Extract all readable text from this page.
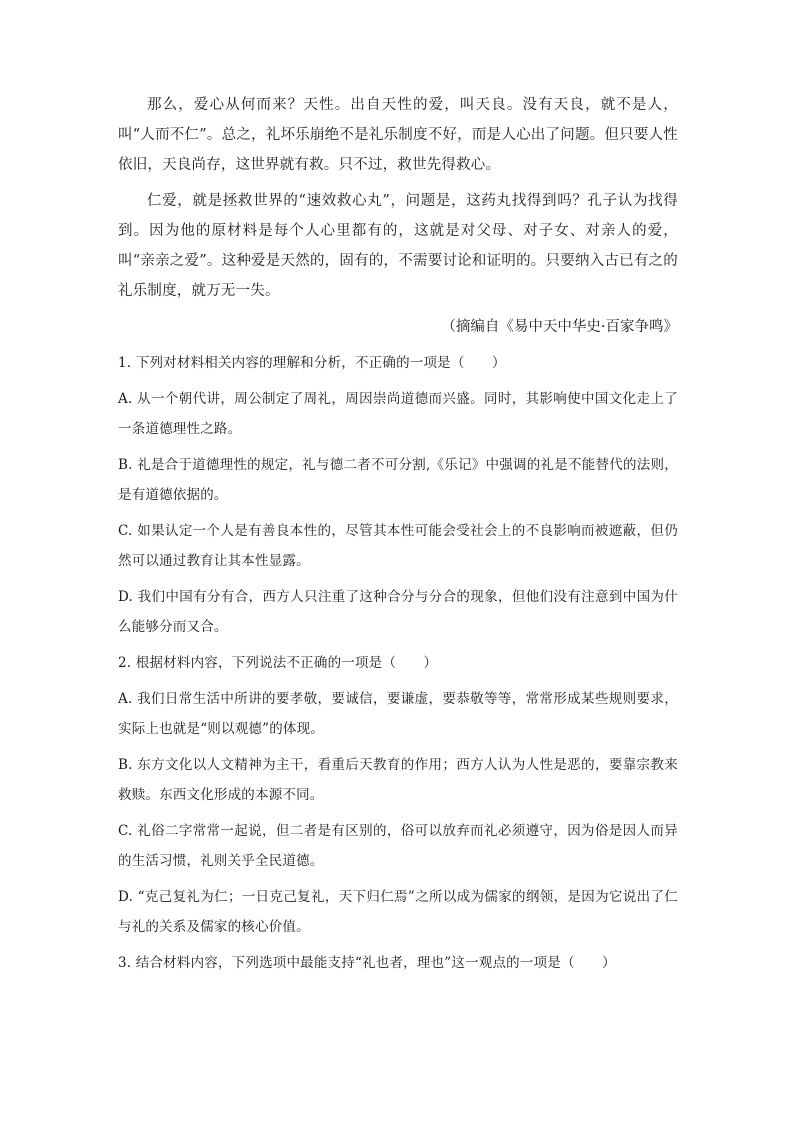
那么，爱心从何而来？天性。出自天性的爱，叫天良。没有天良，就不是人，叫“人而不仁”。总之，礼坏乐崩绝不是礼乐制度不好，而是人心出了问题。但只要人性依旧，天良尚存，这世界就有救。只不过，救世先得救心。

仁爱，就是拯救世界的“速效救心丸”，问题是，这药丸找得到吗？孔子认为找得到。因为他的原材料是每个人心里都有的，这就是对父母、对子女、对亲人的爱，叫“亲亲之爱”。这种爱是天然的，固有的，不需要讨论和证明的。只要纳入古已有之的礼乐制度，就万无一失。

（摘编自《易中天中华史·百家争鸣》

1. 下列对材料相关内容的理解和分析，不正确的一项是（　　）

A. 从一个朝代讲，周公制定了周礼，周因崇尚道德而兴盛。同时，其影响使中国文化走上了一条道德理性之路。

B. 礼是合于道德理性的规定，礼与德二者不可分割,《乐记》中强调的礼是不能替代的法则，是有道德依据的。

C. 如果认定一个人是有善良本性的，尽管其本性可能会受社会上的不良影响而被遮蔽，但仍然可以通过教育让其本性显露。

D. 我们中国有分有合，西方人只注重了这种合分与分合的现象，但他们没有注意到中国为什么能够分而又合。

2. 根据材料内容，下列说法不正确的一项是（　　）

A. 我们日常生活中所讲的要孝敬，要诚信，要谦虚，要恭敬等等，常常形成某些规则要求，实际上也就是“则以观德”的体现。

B. 东方文化以人文精神为主干，看重后天教育的作用；西方人认为人性是恶的，要靠宗教来救赎。东西文化形成的本源不同。

C. 礼俗二字常常一起说，但二者是有区别的，俗可以放弃而礼必须遵守，因为俗是因人而异的生活习惯，礼则关乎全民道德。

D. “克己复礼为仁；一日克己复礼，天下归仁焉”之所以成为儒家的纲领，是因为它说出了仁与礼的关系及儒家的核心价值。

3. 结合材料内容，下列选项中最能支持“礼也者，理也”这一观点的一项是（　　）
